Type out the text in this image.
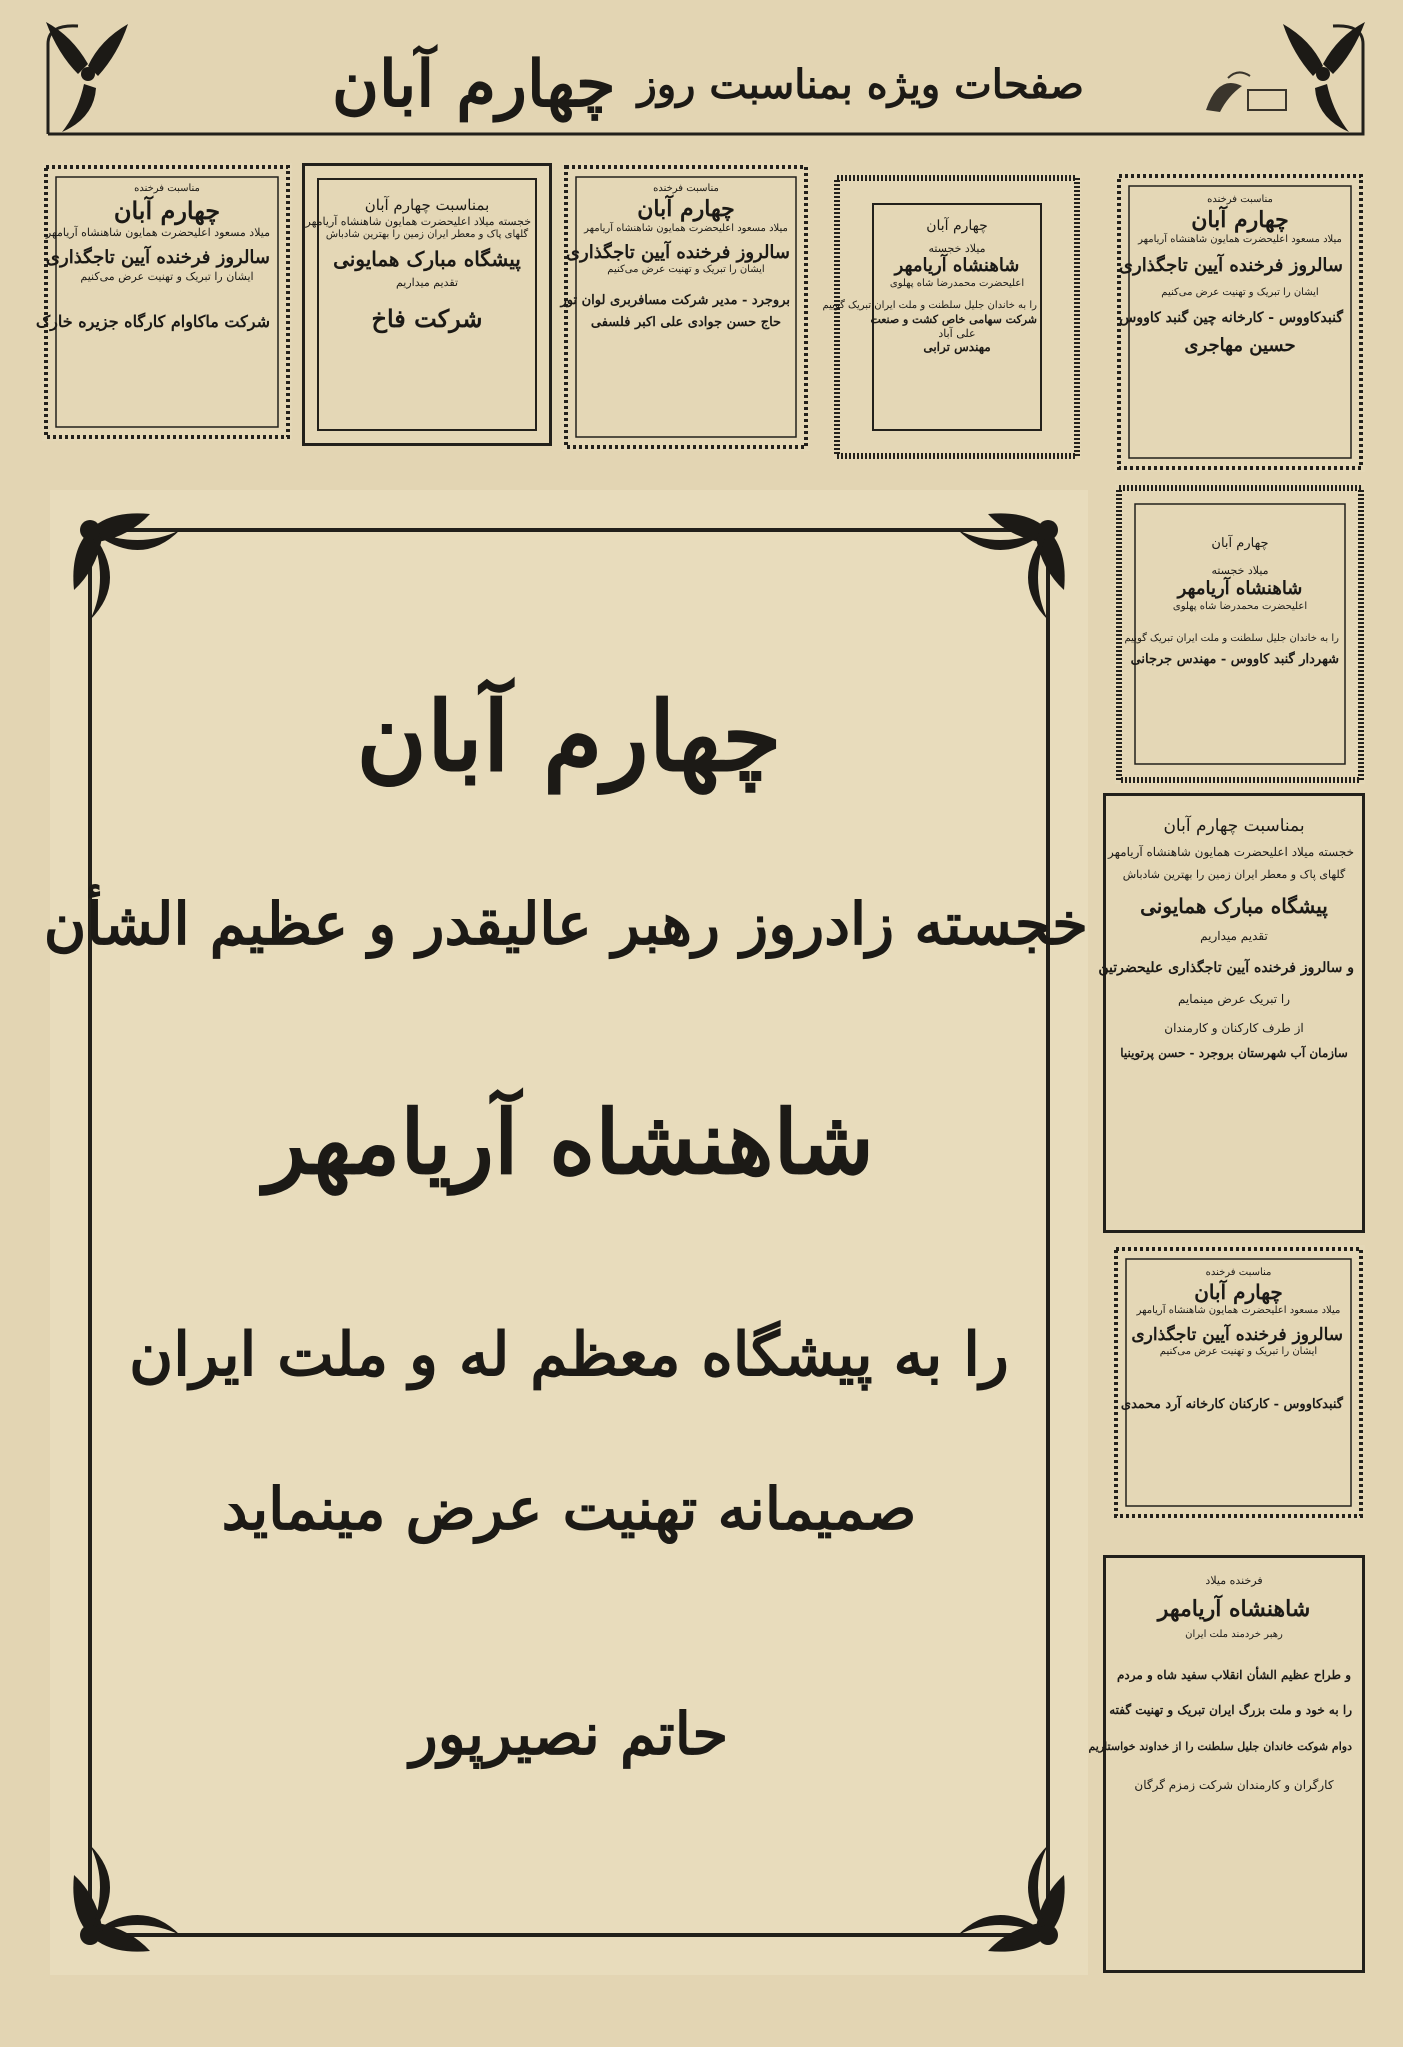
صفحات ویژه بمناسبت روز
چهارم آبان
مناسبت فرخنده
چهارم آبان
میلاد مسعود اعلیحضرت همایون شاهنشاه آریامهر
سالروز فرخنده آیین تاجگذاری
ایشان را تبریک و تهنیت عرض می‌کنیم
شرکت ماکاوام کارگاه جزیره خارک
بمناسبت چهارم آبان
خجسته میلاد اعلیحضرت همایون شاهنشاه آریامهر
گلهای پاک و معطر ایران زمین را بهترین شادباش
پیشگاه مبارک همایونی
تقدیم میداریم
شرکت فاخ
مناسبت فرخنده
چهارم آبان
میلاد مسعود اعلیحضرت همایون شاهنشاه آریامهر
سالروز فرخنده آیین تاجگذاری
ایشان را تبریک و تهنیت عرض می‌کنیم
بروجرد - مدیر شرکت مسافربری لوان تور
حاج حسن جوادی علی اکبر فلسفی
چهارم آبان
میلاد خجسته
شاهنشاه آریامهر
اعلیحضرت محمدرضا شاه پهلوی
را به خاندان جلیل سلطنت و ملت ایران تبریک گوییم
شرکت سهامی خاص کشت و صنعت
علی آباد
مهندس ترابی
مناسبت فرخنده
چهارم آبان
میلاد مسعود اعلیحضرت همایون شاهنشاه آریامهر
سالروز فرخنده آیین تاجگذاری
ایشان را تبریک و تهنیت عرض می‌کنیم
گنبدکاووس - کارخانه چین گنبد کاووس
حسین مهاجری
چهارم آبان
میلاد خجسته
شاهنشاه آریامهر
اعلیحضرت محمدرضا شاه پهلوی
را به خاندان جلیل سلطنت و ملت ایران تبریک گوییم
شهردار گنبد کاووس - مهندس جرجانی
بمناسبت چهارم آبان
خجسته میلاد اعلیحضرت همایون شاهنشاه آریامهر
گلهای پاک و معطر ایران زمین را بهترین شادباش
پیشگاه مبارک همایونی
تقدیم میداریم
و سالروز فرخنده آیین تاجگذاری علیحضرتین
را تبریک عرض مینمایم
از طرف کارکنان و کارمندان
سازمان آب شهرستان بروجرد - حسن پرتوینیا
مناسبت فرخنده
چهارم آبان
میلاد مسعود اعلیحضرت همایون شاهنشاه آریامهر
سالروز فرخنده آیین تاجگذاری
ایشان را تبریک و تهنیت عرض می‌کنیم
گنبدکاووس - کارکنان کارخانه آرد محمدی
فرخنده میلاد
شاهنشاه آریامهر
رهبر خردمند ملت ایران
و طراح عظیم الشأن انقلاب سفید شاه و مردم
را به خود و ملت بزرگ ایران تبریک و تهنیت گفته
دوام شوکت خاندان جلیل سلطنت را از خداوند خواستاریم
کارگران و کارمندان شرکت زمزم گرگان
چهارم آبان
خجسته زادروز رهبر عالیقدر و عظیم الشأن
شاهنشاه آریامهر
را به پیشگاه معظم له و ملت ایران
صمیمانه تهنیت عرض مینماید
حاتم نصیرپور
